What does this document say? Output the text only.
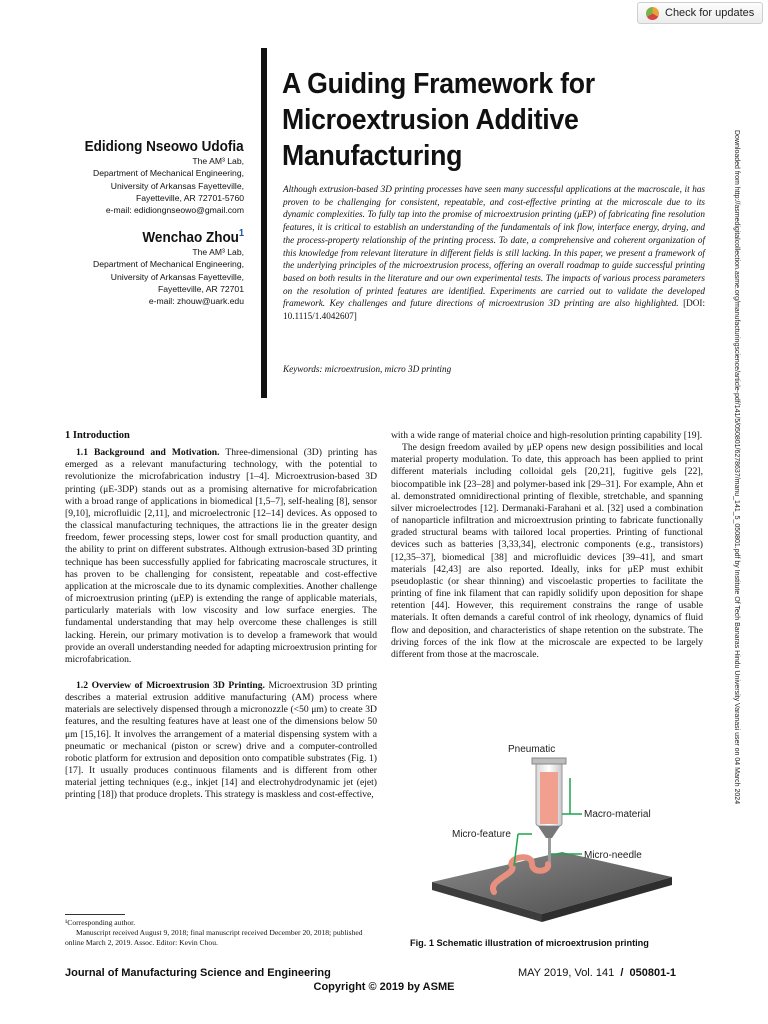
Check for updates
A Guiding Framework for Microextrusion Additive Manufacturing
Edidiong Nseowo Udofia
The AM³ Lab,
Department of Mechanical Engineering,
University of Arkansas Fayetteville,
Fayetteville, AR 72701-5760
e-mail: edidiongnseowo@gmail.com
Wenchao Zhou$^1$
The AM³ Lab,
Department of Mechanical Engineering,
University of Arkansas Fayetteville,
Fayetteville, AR 72701
e-mail: zhouw@uark.edu
Although extrusion-based 3D printing processes have seen many successful applications at the macroscale, it has proven to be challenging for consistent, repeatable, and cost-effective printing at the microscale due to its dynamic complexities. To fully tap into the promise of microextrusion printing (μEP) of fabricating fine resolution features, it is critical to establish an understanding of the fundamentals of ink flow, interface energy, drying, and the process-property relationship of the printing process. To date, a comprehensive and coherent organization of this knowledge from relevant literature in different fields is still lacking. In this paper, we present a framework of the underlying principles of the microextrusion process, offering an overall roadmap to guide successful printing based on both results in the literature and our own experimental tests. The impacts of various process parameters on the resolution of printed features are identified. Experiments are carried out to validate the developed framework. Key challenges and future directions of microextrusion 3D printing are also highlighted. [DOI: 10.1115/1.4042607]
Keywords: microextrusion, micro 3D printing	Downloaded from http://asmedigitalcollection.asme.org/manufacturingscience/article-pdf/141/5/050801/6278637/manu_141_5_050801.pdf by Institute Of Tech Banaras Hindu University Varanasi user on 04 March 2024

1 Introduction

1.1 Background and Motivation. Three-dimensional (3D) printing has emerged as a relevant manufacturing technology, with the potential to revolutionize the microfabrication industry [1–4]. Microextrusion-based 3D printing (μE-3DP) stands out as a promising alternative for microfabrication with a broad range of applications in biomedical [1,5–7], self-healing [8], sensor [9,10], microfluidic [2,11], and microelectronic [12–14] devices. As opposed to the classical manufacturing techniques, the attractions lie in the greater design freedom, fewer processing steps, lower cost for small production quantity, and the ability to print on different substrates. Although extrusion-based 3D printing technique has been successfully applied for fabricating macroscale structures, it has proven to be challenging for consistent, repeatable and cost-effective application at the microscale due to its dynamic complexities. Another challenge of microextrusion printing (μEP) is extending the range of applicable materials, particularly materials with low viscosity and low surface energies. The fundamental understanding that may help overcome these challenges is still lacking. Herein, our primary motivation is to develop a framework that would provide an overall understanding needed for adapting microextrusion printing for microfabrication.

1.2 Overview of Microextrusion 3D Printing. Microextrusion 3D printing describes a material extrusion additive manufacturing (AM) process where materials are selectively dispensed through a micronozzle (<50 μm) to create 3D features, and the resulting features have at least one of the dimensions below 50 μm [15,16]. It involves the arrangement of a material dispensing system with a pneumatic or mechanical (piston or screw) drive and a computer-controlled robotic platform for extrusion and deposition onto compatible substrates (Fig. 1) [17]. It usually produces continuous filaments and is different from other material jetting techniques (e.g., inkjet [14] and electrohydrodynamic jet (ejet) printing [18]) that produce droplets. This strategy is maskless and cost-effective,

with a wide range of material choice and high-resolution printing capability [19].

The design freedom availed by μEP opens new design possibilities and local material property modulation. To date, this approach has been applied to print different materials including colloidal gels [20,21], fugitive gels [22], biocompatible ink [23–28] and polymer-based ink [29–31]. For example, Ahn et al. demonstrated omnidirectional printing of flexible, stretchable, and spanning silver microelectrodes [12]. Dermanaki-Farahani et al. [32] used a combination of nanoparticle infiltration and microextrusion printing to fabricate functionally graded structural beams with tailored local properties. Printing of functional devices such as batteries [3,33,34], electronic components (e.g., transistors) [12,35–37], biomedical [38] and microfluidic devices [39–41], and smart materials [42,43] are also reported. Ideally, inks for μEP must exhibit pseudoplastic (or shear thinning) and viscoelastic properties to facilitate the printing of fine ink filament that can rapidly solidify upon deposition for shape retention [44]. However, this requirement constrains the range of usable materials. It often demands a careful control of ink rheology, dynamics of fluid flow and deposition, and characteristics of shape retention on the substrate. The driving forces of the ink flow at the microscale are expected to be largely different from those at the macroscale.

Pneumatic
Macro-material
Micro-feature
Micro-needle
Fig. 1 Schematic illustration of microextrusion printing
¹Corresponding author.
Manuscript received August 9, 2018; final manuscript received December 20, 2018; published online March 2, 2019. Assoc. Editor: Kevin Chou.
Journal of Manufacturing Science and Engineering	MAY 2019, Vol. 141  /  050801-1
Copyright © 2019 by ASME
